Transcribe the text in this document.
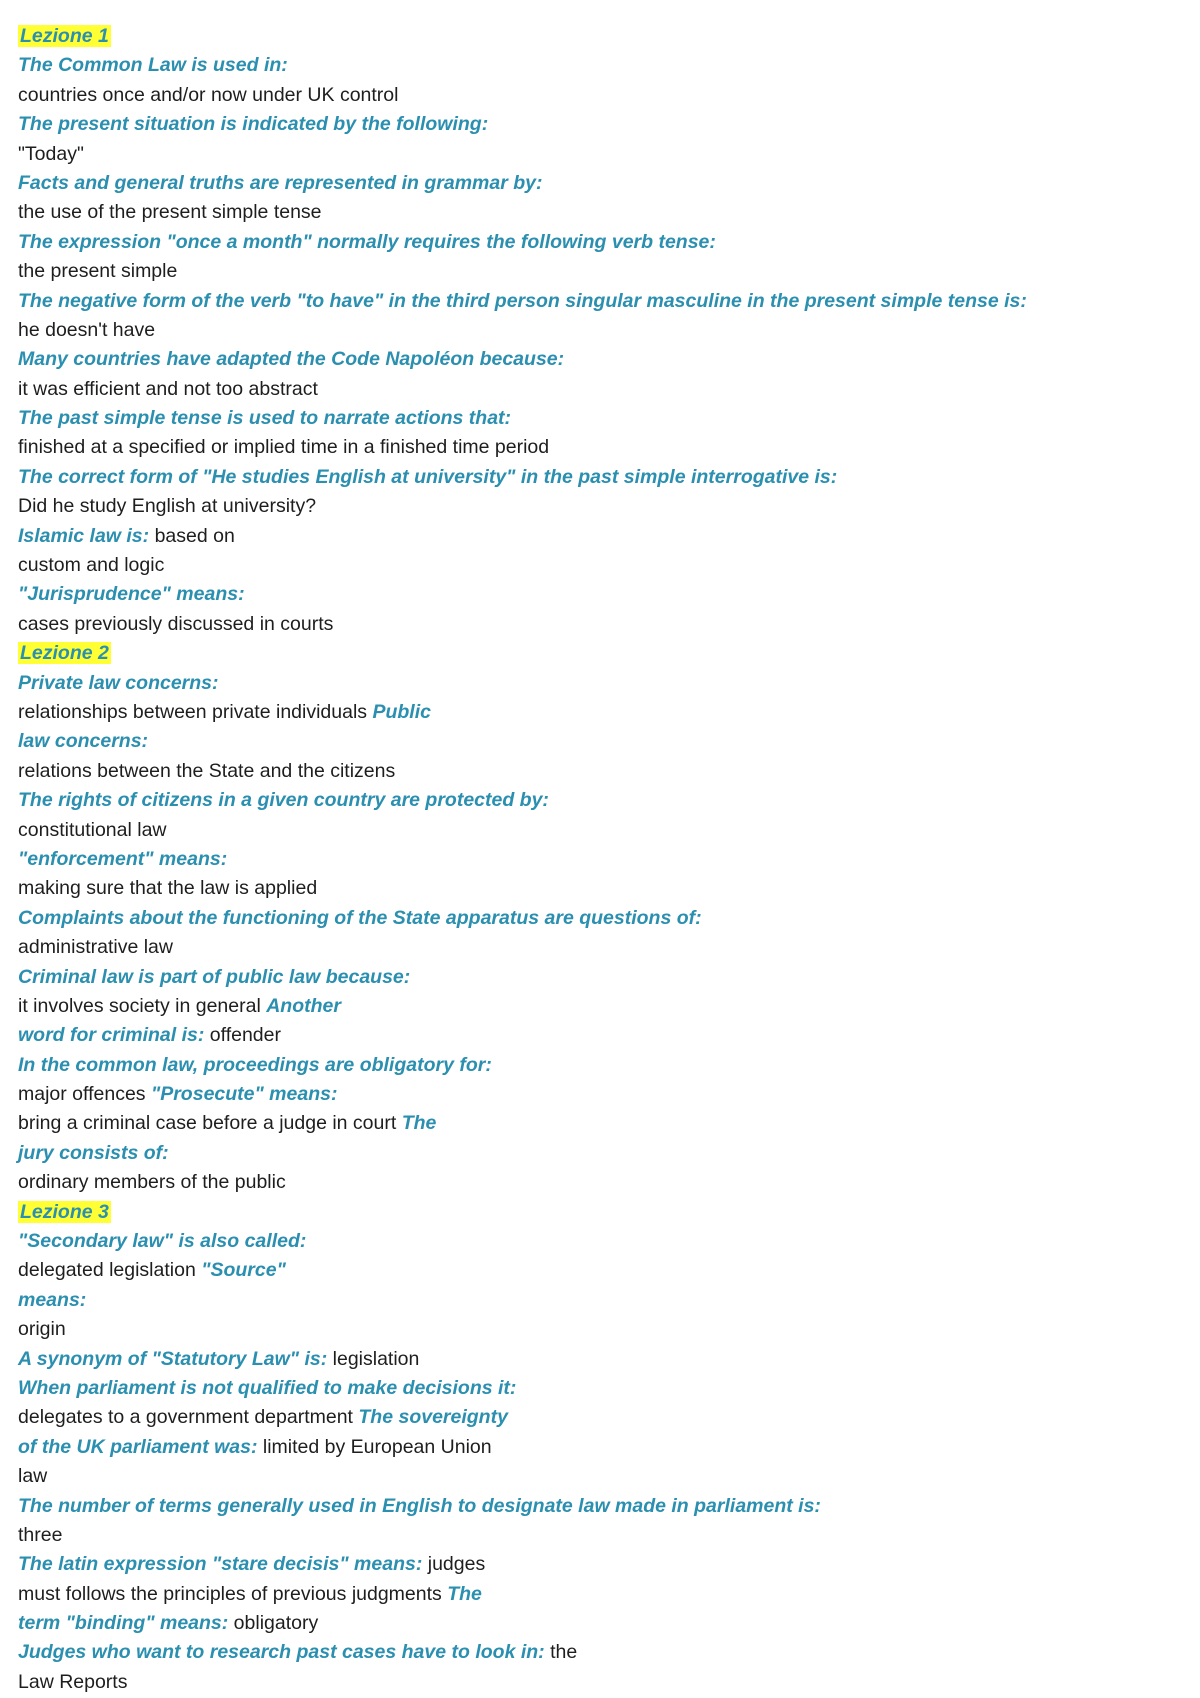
Lezione 1
The Common Law is used in:
countries once and/or now under UK control
The present situation is indicated by the following:
"Today"
Facts and general truths are represented in grammar by:
the use of the present simple tense
The expression "once a month" normally requires the following verb tense:
the present simple
The negative form of the verb "to have" in the third person singular masculine in the present simple tense is:
he doesn't have
Many countries have adapted the Code Napoléon because:
it was efficient and not too abstract
The past simple tense is used to narrate actions that:
finished at a specified or implied time in a finished time period
The correct form of "He studies English at university" in the past simple interrogative is:
Did he study English at university?
Islamic law is: based on
custom and logic
"Jurisprudence" means:
cases previously discussed in courts
Lezione 2
Private law concerns:
relationships between private individuals Public
law concerns:
relations between the State and the citizens
The rights of citizens in a given country are protected by:
constitutional law
"enforcement" means:
making sure that the law is applied
Complaints about the functioning of the State apparatus are questions of:
administrative law
Criminal law is part of public law because:
it involves society in general Another
word for criminal is: offender
In the common law, proceedings are obligatory for:
major offences "Prosecute" means:
bring a criminal case before a judge in court The
jury consists of:
ordinary members of the public
Lezione 3
"Secondary law" is also called:
delegated legislation "Source"
means:
origin
A synonym of "Statutory Law" is: legislation
When parliament is not qualified to make decisions it:
delegates to a government department The sovereignty
of the UK parliament was: limited by European Union
law
The number of terms generally used in English to designate law made in parliament is:
three
The latin expression "stare decisis" means: judges
must follows the principles of previous judgments The
term "binding" means: obligatory
Judges who want to research past cases have to look in: the
Law Reports
